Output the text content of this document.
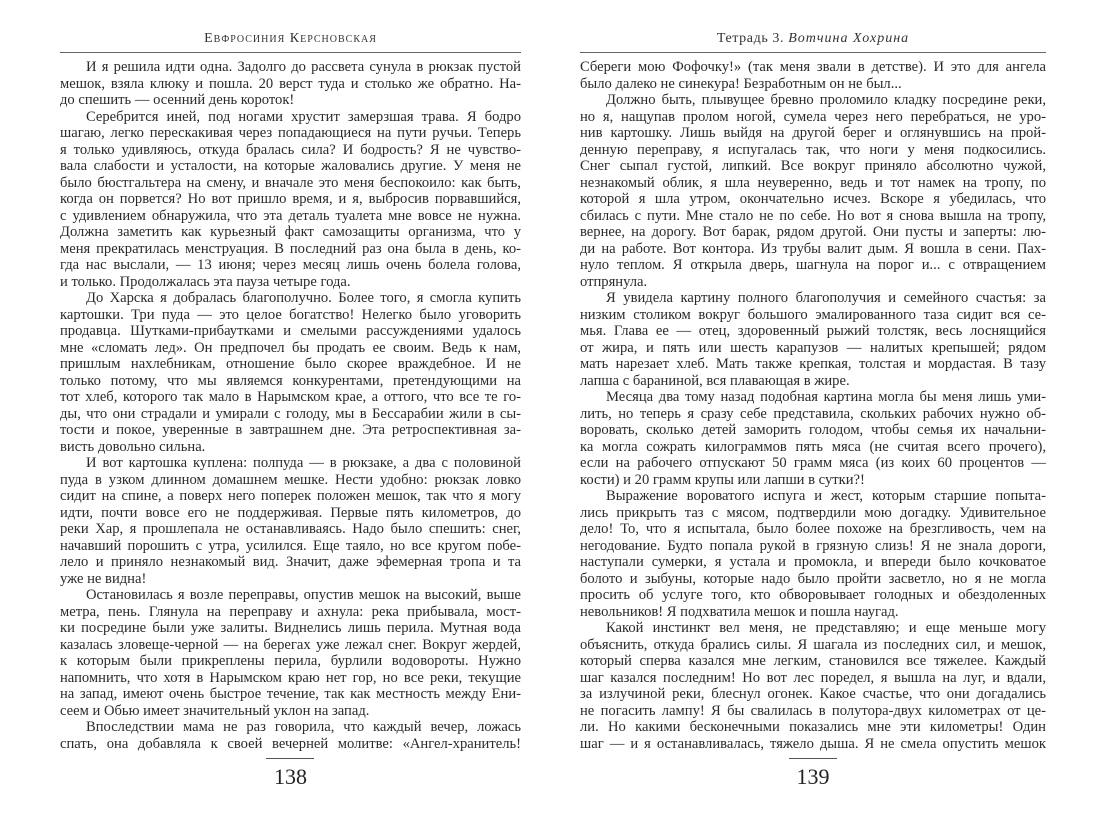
Евфросиния Керсновская
И я решила идти одна. Задолго до рассвета сунула в рюкзак пустой
мешок, взяла клюку и пошла. 20 верст туда и столько же обратно. На-
до спешить — осенний день короток!
Серебрится иней, под ногами хрустит замерзшая трава. Я бодро
шагаю, легко перескакивая через попадающиеся на пути ручьи. Теперь
я только удивляюсь, откуда бралась сила? И бодрость? Я не чувство-
вала слабости и усталости, на которые жаловались другие. У меня не
было бюстгальтера на смену, и вначале это меня беспокоило: как быть,
когда он порвется? Но вот пришло время, и я, выбросив порвавшийся,
с удивлением обнаружила, что эта деталь туалета мне вовсе не нужна.
Должна заметить как курьезный факт самозащиты организма, что у
меня прекратилась менструация. В последний раз она была в день, ко-
гда нас выслали, — 13 июня; через месяц лишь очень болела голова,
и только. Продолжалась эта пауза четыре года.
До Харска я добралась благополучно. Более того, я смогла купить
картошки. Три пуда — это целое богатство! Нелегко было уговорить
продавца. Шутками-прибаутками и смелыми рассуждениями удалось
мне «сломать лед». Он предпочел бы продать ее своим. Ведь к нам,
пришлым нахлебникам, отношение было скорее враждебное. И не
только потому, что мы являемся конкурентами, претендующими на
тот хлеб, которого так мало в Нарымском крае, а оттого, что все те го-
ды, что они страдали и умирали с голоду, мы в Бессарабии жили в сы-
тости и покое, уверенные в завтрашнем дне. Эта ретроспективная за-
висть довольно сильна.
И вот картошка куплена: полпуда — в рюкзаке, а два с половиной
пуда в узком длинном домашнем мешке. Нести удобно: рюкзак ловко
сидит на спине, а поверх него поперек положен мешок, так что я могу
идти, почти вовсе его не поддерживая. Первые пять километров, до
реки Хар, я прошлепала не останавливаясь. Надо было спешить: снег,
начавший порошить с утра, усилился. Еще таяло, но все кругом побе-
лело и приняло незнакомый вид. Значит, даже эфемерная тропа и та
уже не видна!
Остановилась я возле переправы, опустив мешок на высокий, выше
метра, пень. Глянула на переправу и ахнула: река прибывала, мост-
ки посредине были уже залиты. Виднелись лишь перила. Мутная вода
казалась зловеще-черной — на берегах уже лежал снег. Вокруг жердей,
к которым были прикреплены перила, бурлили водовороты. Нужно
напомнить, что хотя в Нарымском краю нет гор, но все реки, текущие
на запад, имеют очень быстрое течение, так как местность между Ени-
сеем и Обью имеет значительный уклон на запад.
Впоследствии мама не раз говорила, что каждый вечер, ложась
спать, она добавляла к своей вечерней молитве: «Ангел-хранитель!
138
Тетрадь 3. Вотчина Хохрина
Сбереги мою Фофочку!» (так меня звали в детстве). И это для ангела
было далеко не синекура! Безработным он не был...
Должно быть, плывущее бревно проломило кладку посредине реки,
но я, нащупав пролом ногой, сумела через него перебраться, не уро-
нив картошку. Лишь выйдя на другой берег и оглянувшись на прой-
денную переправу, я испугалась так, что ноги у меня подкосились.
Снег сыпал густой, липкий. Все вокруг приняло абсолютно чужой,
незнакомый облик, я шла неуверенно, ведь и тот намек на тропу, по
которой я шла утром, окончательно исчез. Вскоре я убедилась, что
сбилась с пути. Мне стало не по себе. Но вот я снова вышла на тропу,
вернее, на дорогу. Вот барак, рядом другой. Они пусты и заперты: лю-
ди на работе. Вот контора. Из трубы валит дым. Я вошла в сени. Пах-
нуло теплом. Я открыла дверь, шагнула на порог и... с отвращением
отпрянула.
Я увидела картину полного благополучия и семейного счастья: за
низким столиком вокруг большого эмалированного таза сидит вся се-
мья. Глава ее — отец, здоровенный рыжий толстяк, весь лоснящийся
от жира, и пять или шесть карапузов — налитых крепышей; рядом
мать нарезает хлеб. Мать также крепкая, толстая и мордастая. В тазу
лапша с бараниной, вся плавающая в жире.
Месяца два тому назад подобная картина могла бы меня лишь уми-
лить, но теперь я сразу себе представила, скольких рабочих нужно об-
воровать, сколько детей заморить голодом, чтобы семья их начальни-
ка могла сожрать килограммов пять мяса (не считая всего прочего),
если на рабочего отпускают 50 грамм мяса (из коих 60 процентов —
кости) и 20 грамм крупы или лапши в сутки?!
Выражение вороватого испуга и жест, которым старшие попыта-
лись прикрыть таз с мясом, подтвердили мою догадку. Удивительное
дело! То, что я испытала, было более похоже на брезгливость, чем на
негодование. Будто попала рукой в грязную слизь! Я не знала дороги,
наступали сумерки, я устала и промокла, и впереди было кочковатое
болото и зыбуны, которые надо было пройти засветло, но я не могла
просить об услуге того, кто обворовывает голодных и обездоленных
невольников! Я подхватила мешок и пошла наугад.
Какой инстинкт вел меня, не представляю; и еще меньше могу
объяснить, откуда брались силы. Я шагала из последних сил, и мешок,
который сперва казался мне легким, становился все тяжелее. Каждый
шаг казался последним! Но вот лес поредел, я вышла на луг, и вдали,
за излучиной реки, блеснул огонек. Какое счастье, что они догадались
не погасить лампу! Я бы свалилась в полутора-двух километрах от це-
ли. Но какими бесконечными показались мне эти километры! Один
шаг — и я останавливалась, тяжело дыша. Я не смела опустить мешок
139
